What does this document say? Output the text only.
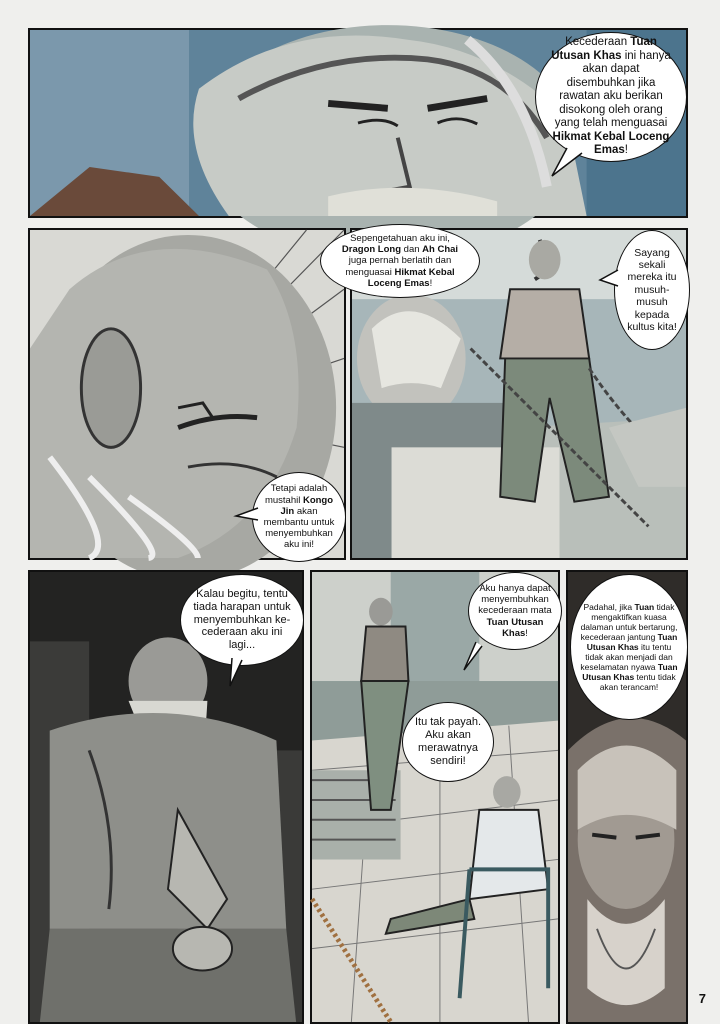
Kecederaan Tuan Utusan Khas ini hanya akan dapat disembuhkan jika rawatan aku berikan disokong oleh orang yang telah menguasai Hikmat Kebal Loceng Emas!
Tetapi adalah mustahil Kongo Jin akan membantu untuk menyembuhkan aku ini!
Sepengetahuan aku ini, Dragon Long dan Ah Chai juga pernah berlatih dan menguasai Hikmat Kebal Loceng Emas!
Sayang sekali mereka itu musuh-musuh kepada kultus kita!
Kalau begitu, tentu tiada harapan untuk menyembuhkan ke-cederaan aku ini lagi...
Aku hanya dapat menyembuhkan kecederaan mata Tuan Utusan Khas!
Itu tak payah. Aku akan merawatnya sendiri!
Padahal, jika Tuan tidak mengaktifkan kuasa dalaman untuk bertarung, kecederaan jantung Tuan Utusan Khas itu tentu tidak akan menjadi dan keselamatan nyawa Tuan Utusan Khas tentu tidak akan terancam!
7
